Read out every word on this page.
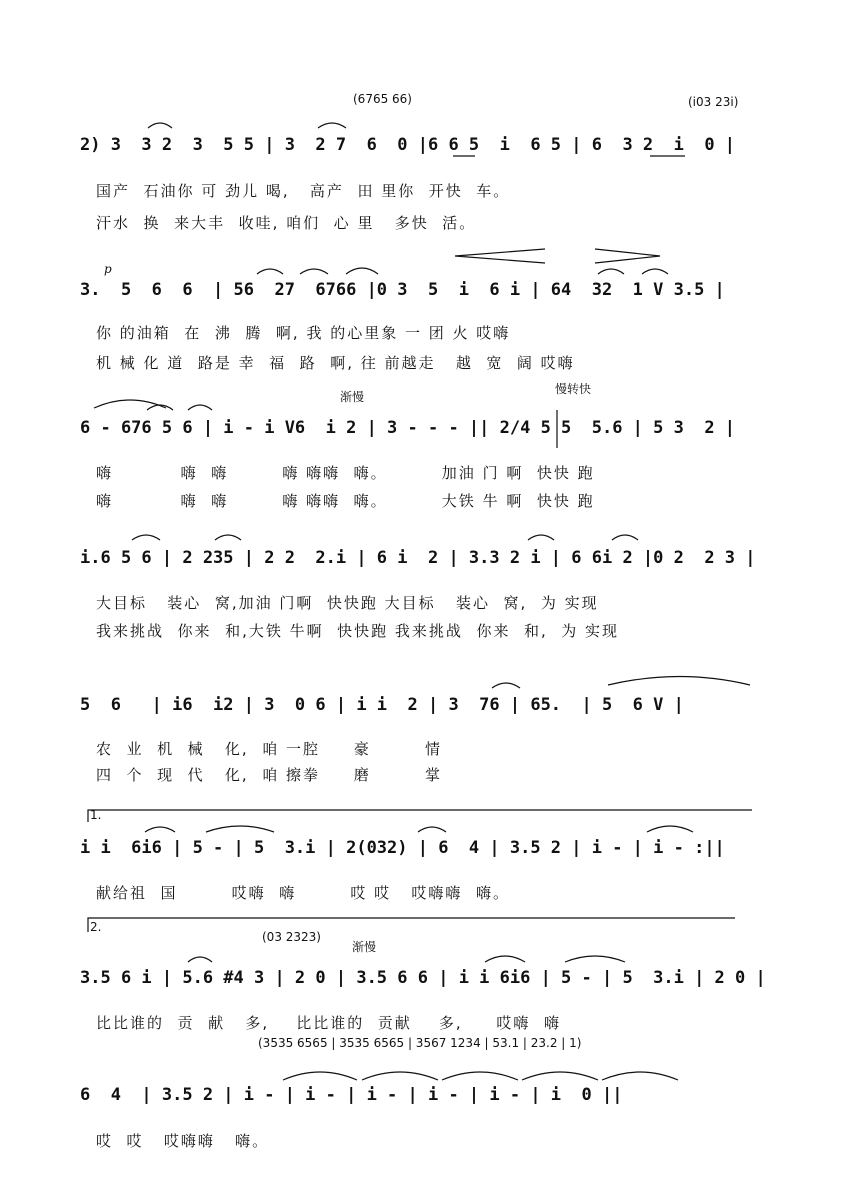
(6765 66)	(i03 23i)
2) 3  3 2  3  5 5 | 3  2 7  6  0 |6 6 5  i  6 5 | 6  3 2  i  0 |
国产  石油你 可 劲儿 喝,   高产  田 里你  开快  车。
汗水  换  来大丰  收哇, 咱们  心 里   多快  活。
p
3.  5  6  6  | 56  27  6766 |0 3  5  i  6 i | 64  32  1 V 3.5 |
你 的油箱  在  沸  腾  啊, 我 的心里象 一 团 火 哎嗨
机 械 化 道  路是 幸  福  路  啊, 往 前越走   越  宽  阔 哎嗨
渐慢
慢转快
6 - 676 5 6 | i - i V6  i 2 | 3 - - - || 2/4 5 5  5.6 | 5 3  2 |
嗨          嗨  嗨        嗨 嗨嗨  嗨。        加油 门 啊  快快 跑
嗨          嗨  嗨        嗨 嗨嗨  嗨。        大铁 牛 啊  快快 跑
i.6 5 6 | 2 235 | 2 2  2.i | 6 i  2 | 3.3 2 i | 6 6i 2 |0 2  2 3 |
大目标   装心  窝,加油 门啊  快快跑 大目标   装心  窝,  为 实现
我来挑战  你来  和,大铁 牛啊  快快跑 我来挑战  你来  和,  为 实现
5  6   | i6  i2 | 3  0 6 | i i  2 | 3  76 | 65.  | 5  6 V |
农  业  机  械   化,  咱 一腔     豪        情
四  个  现  代   化,  咱 擦拳     磨        掌
1.
i i  6i6 | 5 - | 5  3.i | 2(032) | 6  4 | 3.5 2 | i - | i - :||
献给祖  国        哎嗨  嗨        哎 哎   哎嗨嗨  嗨。
2.
(03 2323)
渐慢
3.5 6 i | 5.6 #4 3 | 2 0 | 3.5 6 6 | i i 6i6 | 5 - | 5  3.i | 2 0 |
比比谁的  贡  献   多,    比比谁的  贡献    多,     哎嗨  嗨
(3535 6565 | 3535 6565 | 3567 1234 | 53.1 | 23.2 | 1)
6  4  | 3.5 2 | i - | i - | i - | i - | i - | i  0 ||
哎  哎   哎嗨嗨   嗨。
